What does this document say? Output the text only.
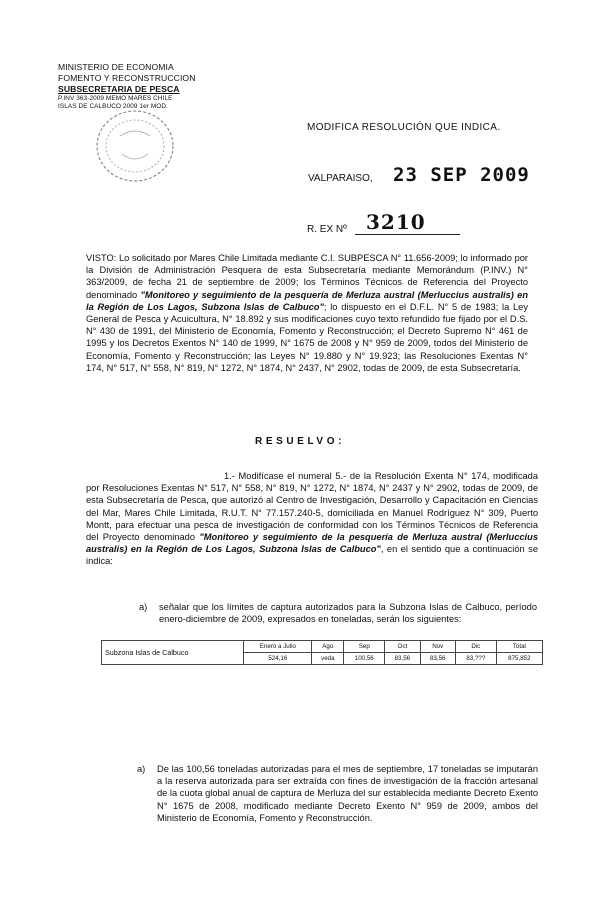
MINISTERIO DE ECONOMIA
FOMENTO Y RECONSTRUCCION
SUBSECRETARIA DE PESCA
P.INV 363-2009 MEMO MARES CHILE
ISLAS DE CALBUCO 2009 1er MOD.
MODIFICA RESOLUCIÓN QUE INDICA.
VALPARAISO, 23 SEP 2009
R. EX Nº 3210
VISTO: Lo solicitado por Mares Chile Limitada mediante C.I. SUBPESCA N° 11.656-2009; lo informado por la División de Administración Pesquera de esta Subsecretaría mediante Memorándum (P.INV.) N° 363/2009, de fecha 21 de septiembre de 2009; los Términos Técnicos de Referencia del Proyecto denominado "Monitoreo y seguimiento de la pesquería de Merluza austral (Merluccius australis) en la Región de Los Lagos, Subzona Islas de Calbuco"; lo dispuesto en el D.F.L. N° 5 de 1983; la Ley General de Pesca y Acuicultura, N° 18.892 y sus modificaciones cuyo texto refundido fue fijado por el D.S. N° 430 de 1991, del Ministerio de Economía, Fomento y Reconstrucción; el Decreto Supremo N° 461 de 1995 y los Decretos Exentos N° 140 de 1999, N° 1675 de 2008 y N° 959 de 2009, todos del Ministerio de Economía, Fomento y Reconstrucción; las Leyes N° 19.880 y N° 19.923; las Resoluciones Exentas N° 174, N° 517, N° 558, N° 819, N° 1272, N° 1874, N° 2437, N° 2902, todas de 2009, de esta Subsecretaría.
RESUELVO:
1.- Modifícase el numeral 5.- de la Resolución Exenta N° 174, modificada por Resoluciones Exentas N° 517, N° 558, N° 819, N° 1272, N° 1874, N° 2437 y N° 2902, todas de 2009, de esta Subsecretaría de Pesca, que autorizó al Centro de Investigación, Desarrollo y Capacitación en Ciencias del Mar, Mares Chile Limitada, R.U.T. N° 77.157.240-5, domiciliada en Manuel Rodríguez N° 309, Puerto Montt, para efectuar una pesca de investigación de conformidad con los Términos Técnicos de Referencia del Proyecto denominado "Monitoreo y seguimiento de la pesquería de Merluza austral (Merluccius australis) en la Región de Los Lagos, Subzona Islas de Calbuco", en el sentido que a continuación se indica:
a) señalar que los límites de captura autorizados para la Subzona Islas de Calbuco, período enero-diciembre de 2009, expresados en toneladas, serán los siguientes:
Subzona Islas de Calbuco	Enero a Julio	Ago	Sep	Oct	Nov	Dic	Total
	524,16	veda	100,56	83,56	83,56	83,???	875,852
a) De las 100,56 toneladas autorizadas para el mes de septiembre, 17 toneladas se imputarán a la reserva autorizada para ser extraída con fines de investigación de la fracción artesanal de la cuota global anual de captura de Merluza del sur establecida mediante Decreto Exento N° 1675 de 2008, modificado mediante Decreto Exento N° 959 de 2009, ambos del Ministerio de Economía, Fomento y Reconstrucción.
